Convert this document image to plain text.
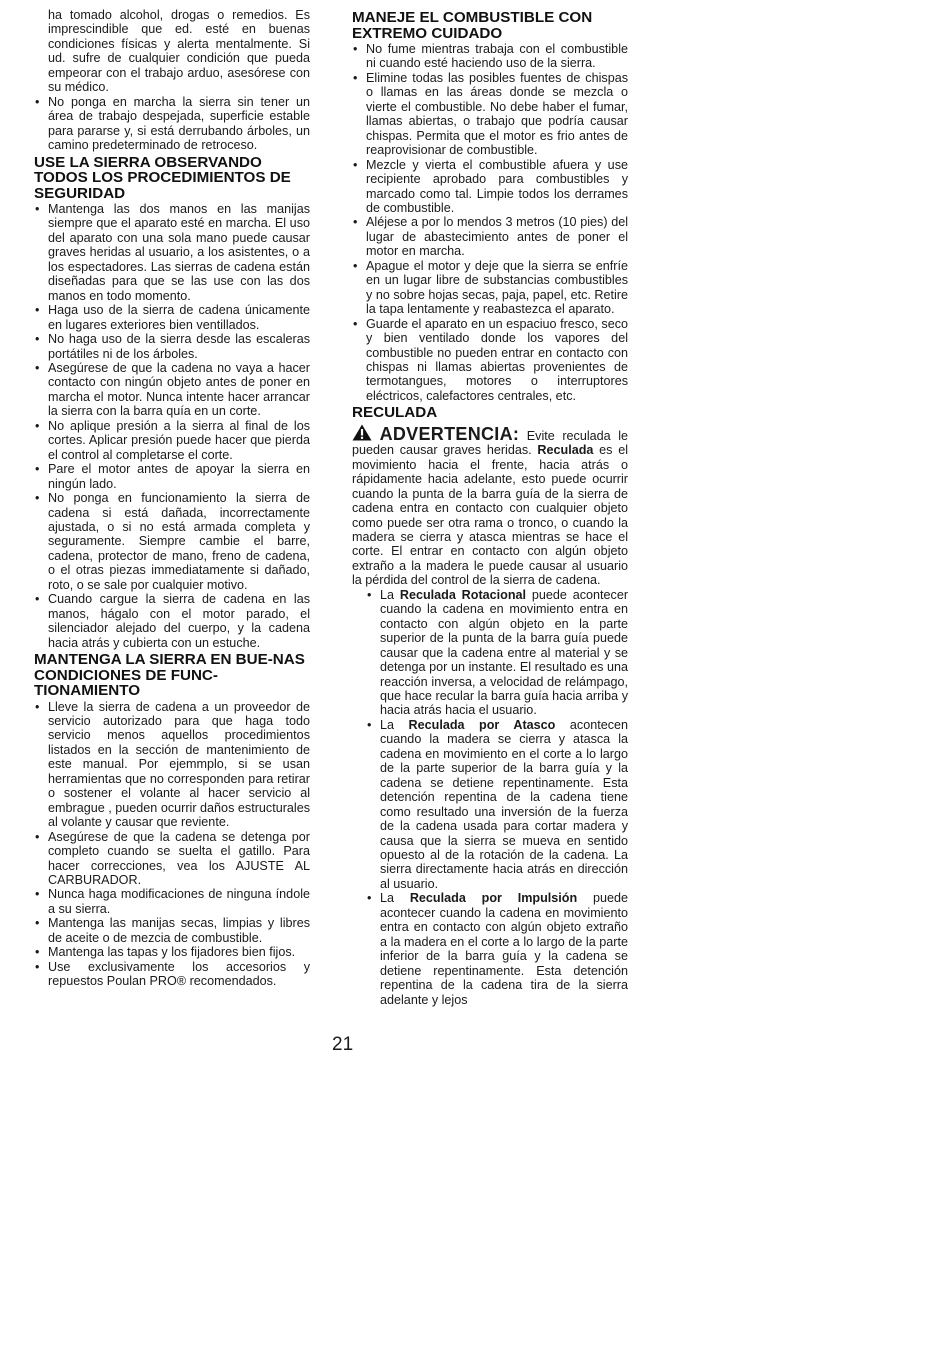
ha tomado alcohol, drogas o remedios. Es imprescindible que ed. esté en buenas condiciones físicas y alerta mentalmente. Si ud. sufre de cualquier condición que pueda empeorar con el trabajo arduo, asesórese con su médico.

• No ponga en marcha la sierra sin tener un área de trabajo despejada, superficie estable para pararse y, si está derrubando árboles, un camino predeterminado de retroceso.
USE LA SIERRA OBSERVANDO TODOS LOS PROCEDIMIENTOS DE SEGURIDAD
• Mantenga las dos manos en las manijas siempre que el aparato esté en marcha. El uso del aparato con una sola mano puede causar graves heridas al usuario, a los asistentes, o a los espectadores. Las sierras de cadena están diseñadas para que se las use con las dos manos en todo momento.
• Haga uso de la sierra de cadena únicamente en lugares exteriores bien ventillados.
• No haga uso de la sierra desde las escaleras portátiles ni de los árboles.
• Asegúrese de que la cadena no vaya a hacer contacto con ningún objeto antes de poner en marcha el motor. Nunca intente hacer arrancar la sierra con la barra quía en un corte.
• No aplique presión a la sierra al final de los cortes. Aplicar presión puede hacer que pierda el control al completarse el corte.
• Pare el motor antes de apoyar la sierra en ningún lado.
• No ponga en funcionamiento la sierra de cadena si está dañada, incorrectamente ajustada, o si no está armada completa y seguramente. Siempre cambie el barre, cadena, protector de mano, freno de cadena, o el otras piezas immediatamente si dañado, roto, o se sale por cualquier motivo.
• Cuando cargue la sierra de cadena en las manos, hágalo con el motor parado, el silenciador alejado del cuerpo, y la cadena hacia atrás y cubierta con un estuche.
MANTENGA LA SIERRA EN BUE-NAS CONDICIONES DE FUNC-TIONAMIENTO
• Lleve la sierra de cadena a un proveedor de servicio autorizado para que haga todo servicio menos aquellos procedimientos listados en la sección de mantenimiento de este manual. Por ejemmplo, si se usan herramientas que no corresponden para retirar o sostener el volante al hacer servicio al embrague , pueden ocurrir daños estructurales al volante y causar que reviente.
• Asegúrese de que la cadena se detenga por completo cuando se suelta el gatillo. Para hacer correcciones, vea los AJUSTE AL CARBURADOR.
• Nunca haga modificaciones de ninguna índole a su sierra.
• Mantenga las manijas secas, limpias y libres de aceite o de mezcia de combustible.
• Mantenga las tapas y los fijadores bien fijos.
• Use exclusivamente los accesorios y repuestos Poulan PRO® recomendados.
MANEJE EL COMBUSTIBLE CON EXTREMO CUIDADO
• No fume mientras trabaja con el combustible ni cuando esté haciendo uso de la sierra.
• Elimine todas las posibles fuentes de chispas o llamas en las áreas donde se mezcla o vierte el combustible. No debe haber el fumar, llamas abiertas, o trabajo que podría causar chispas. Permita que el motor es frio antes de reaprovisionar de combustible.
• Mezcle y vierta el combustible afuera y use recipiente aprobado para combustibles y marcado como tal. Limpie todos los derrames de combustible.
• Aléjese a por lo mendos 3 metros (10 pies) del lugar de abastecimiento antes de poner el motor en marcha.
• Apague el motor y deje que la sierra se enfríe en un lugar libre de substancias combustibles y no sobre hojas secas, paja, papel, etc. Retire la tapa lentamente y reabastezca el aparato.
• Guarde el aparato en un espaciuo fresco, seco y bien ventilado donde los vapores del combustible no pueden entrar en contacto con chispas ni llamas abiertas provenientes de termotangues, motores o interruptores eléctricos, calefactores centrales, etc.
RECULADA

ADVERTENCIA: Evite reculada le pueden causar graves heridas. Reculada es el movimiento hacia el frente, hacia atrás o rápidamente hacia adelante, esto puede ocurrir cuando la punta de la barra guía de la sierra de cadena entra en contacto con cualquier objeto como puede ser otra rama o tronco, o cuando la madera se cierra y atasca mientras se hace el corte. El entrar en contacto con algún objeto extraño a la madera le puede causar al usuario la pérdida del control de la sierra de cadena.

• La Reculada Rotacional puede acontecer cuando la cadena en movimiento entra en contacto con algún objeto en la parte superior de la punta de la barra guía puede causar que la cadena entre al material y se detenga por un instante. El resultado es una reacción inversa, a velocidad de relámpago, que hace recular la barra guía hacia arriba y hacia atrás hacia el usuario.
• La Reculada por Atasco acontecen cuando la madera se cierra y atasca la cadena en movimiento en el corte a lo largo de la parte superior de la barra guía y la cadena se detiene repentinamente. Esta detención repentina de la cadena tiene como resultado una inversión de la fuerza de la cadena usada para cortar madera y causa que la sierra se mueva en sentido opuesto al de la rotación de la cadena. La sierra directamente hacia atrás en dirección al usuario.
• La Reculada por Impulsión puede acontecer cuando la cadena en movimiento entra en contacto con algún objeto extraño a la madera en el corte a lo largo de la parte inferior de la barra guía y la cadena se detiene repentinamente. Esta detención repentina de la cadena tira de la sierra adelante y lejos
21
